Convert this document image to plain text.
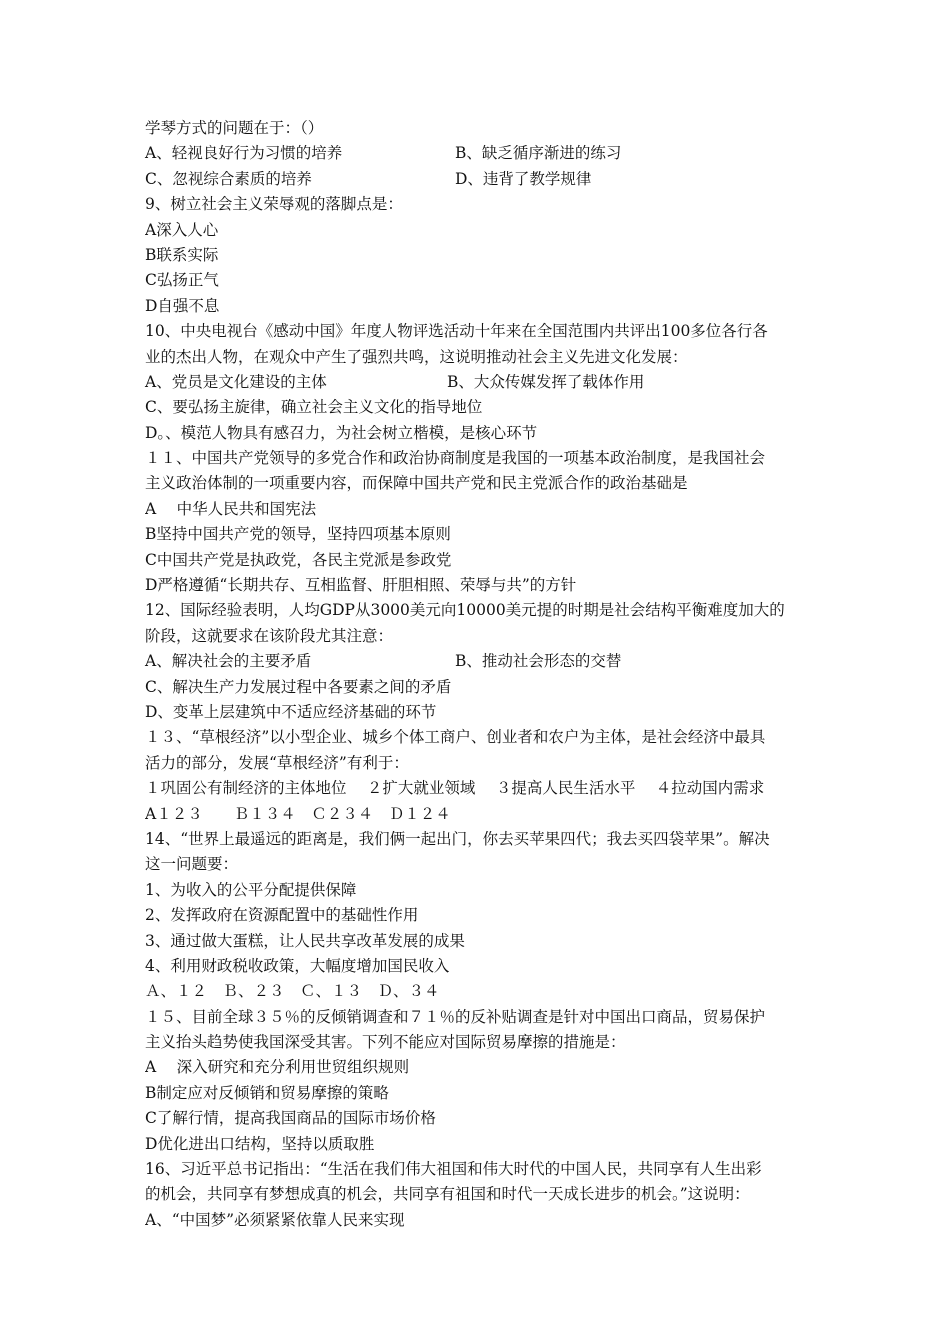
学琴方式的问题在于：（）
A、轻视良好行为习惯的培养	B、缺乏循序渐进的练习
C、忽视综合素质的培养	D、违背了教学规律
9、树立社会主义荣辱观的落脚点是：
A深入人心
B联系实际
C弘扬正气
D自强不息
10、中央电视台《感动中国》年度人物评选活动十年来在全国范围内共评出100多位各行各
业的杰出人物，在观众中产生了强烈共鸣，这说明推动社会主义先进文化发展：
A、党员是文化建设的主体	B、大众传媒发挥了载体作用
C、要弘扬主旋律，确立社会主义文化的指导地位
D。、模范人物具有感召力，为社会树立楷模，是核心环节
１１、中国共产党领导的多党合作和政治协商制度是我国的一项基本政治制度，是我国社会
主义政治体制的一项重要内容，而保障中国共产党和民主党派合作的政治基础是
A　 中华人民共和国宪法
B坚持中国共产党的领导，坚持四项基本原则
C中国共产党是执政党，各民主党派是参政党
D严格遵循“长期共存、互相监督、肝胆相照、荣辱与共”的方针
12、国际经验表明，人均GDP从3000美元向10000美元提的时期是社会结构平衡难度加大的
阶段，这就要求在该阶段尤其注意：
A、解决社会的主要矛盾	B、推动社会形态的交替
C、解决生产力发展过程中各要素之间的矛盾
D、变革上层建筑中不适应经济基础的环节
１３、“草根经济”以小型企业、城乡个体工商户、创业者和农户为主体，是社会经济中最具
活力的部分，发展“草根经济”有利于：
１巩固公有制经济的主体地位　 ２扩大就业领域　 ３提高人民生活水平　 ４拉动国内需求
A１２３　　Ｂ１３４　Ｃ２３４　Ｄ１２４
14、“世界上最遥远的距离是，我们俩一起出门，你去买苹果四代；我去买四袋苹果”。解决
这一问题要：
1、为收入的公平分配提供保障
2、发挥政府在资源配置中的基础性作用
3、通过做大蛋糕，让人民共享改革发展的成果
4、利用财政税收政策，大幅度增加国民收入
Ａ、１２　Ｂ、２３　Ｃ、１３　Ｄ、３４
１５、目前全球３５％的反倾销调查和７１％的反补贴调查是针对中国出口商品，贸易保护
主义抬头趋势使我国深受其害。下列不能应对国际贸易摩擦的措施是：
A　 深入研究和充分利用世贸组织规则
B制定应对反倾销和贸易摩擦的策略
C了解行情，提高我国商品的国际市场价格
D优化进出口结构，坚持以质取胜
16、习近平总书记指出：“生活在我们伟大祖国和伟大时代的中国人民，共同享有人生出彩
的机会，共同享有梦想成真的机会，共同享有祖国和时代一天成长进步的机会。”这说明：
A、“中国梦”必须紧紧依靠人民来实现
